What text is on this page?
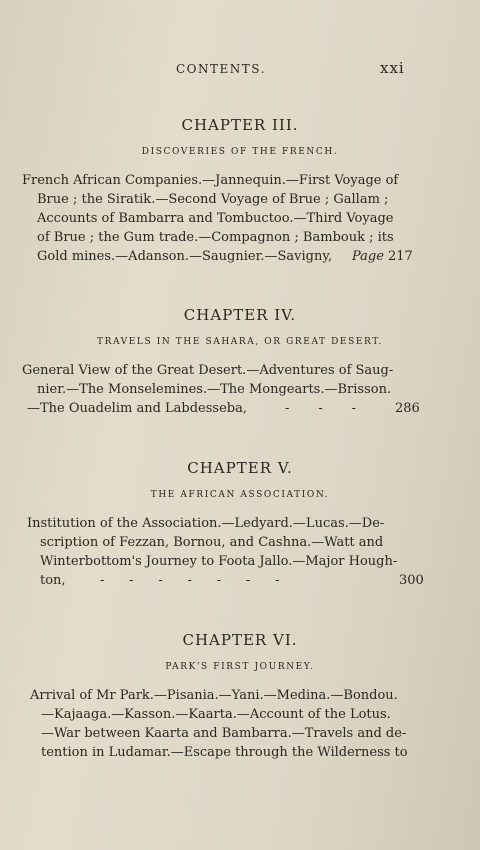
CONTENTS.	xxi
CHAPTER III.
DISCOVERIES OF THE FRENCH.
French African Companies.—Jannequin.—First Voyage of
Brue ; the Siratik.—Second Voyage of Brue ; Gallam ;
Accounts of Bambarra and Tombuctoo.—Third Voyage
of Brue ; the Gum trade.—Compagnon ; Bambouk ; its
Gold mines.—Adanson.—Saugnier.—Savigny, Page 217
CHAPTER IV.
TRAVELS IN THE SAHARA, OR GREAT DESERT.
General View of the Great Desert.—Adventures of Saug-
nier.—The Monselemines.—The Mongearts.—Brisson.
—The Ouadelim and Labdesseba,	-       -       -	286
CHAPTER V.
THE AFRICAN ASSOCIATION.
Institution of the Association.—Ledyard.—Lucas.—De-
scription of Fezzan, Bornou, and Cashna.—Watt and
Winterbottom's Journey to Foota Jallo.—Major Hough-
ton,	-      -      -      -      -      -      -	300
CHAPTER VI.
PARK'S FIRST JOURNEY.
Arrival of Mr Park.—Pisania.—Yani.—Medina.—Bondou.
—Kajaaga.—Kasson.—Kaarta.—Account of the Lotus.
—War between Kaarta and Bambarra.—Travels and de-
tention in Ludamar.—Escape through the Wilderness to
